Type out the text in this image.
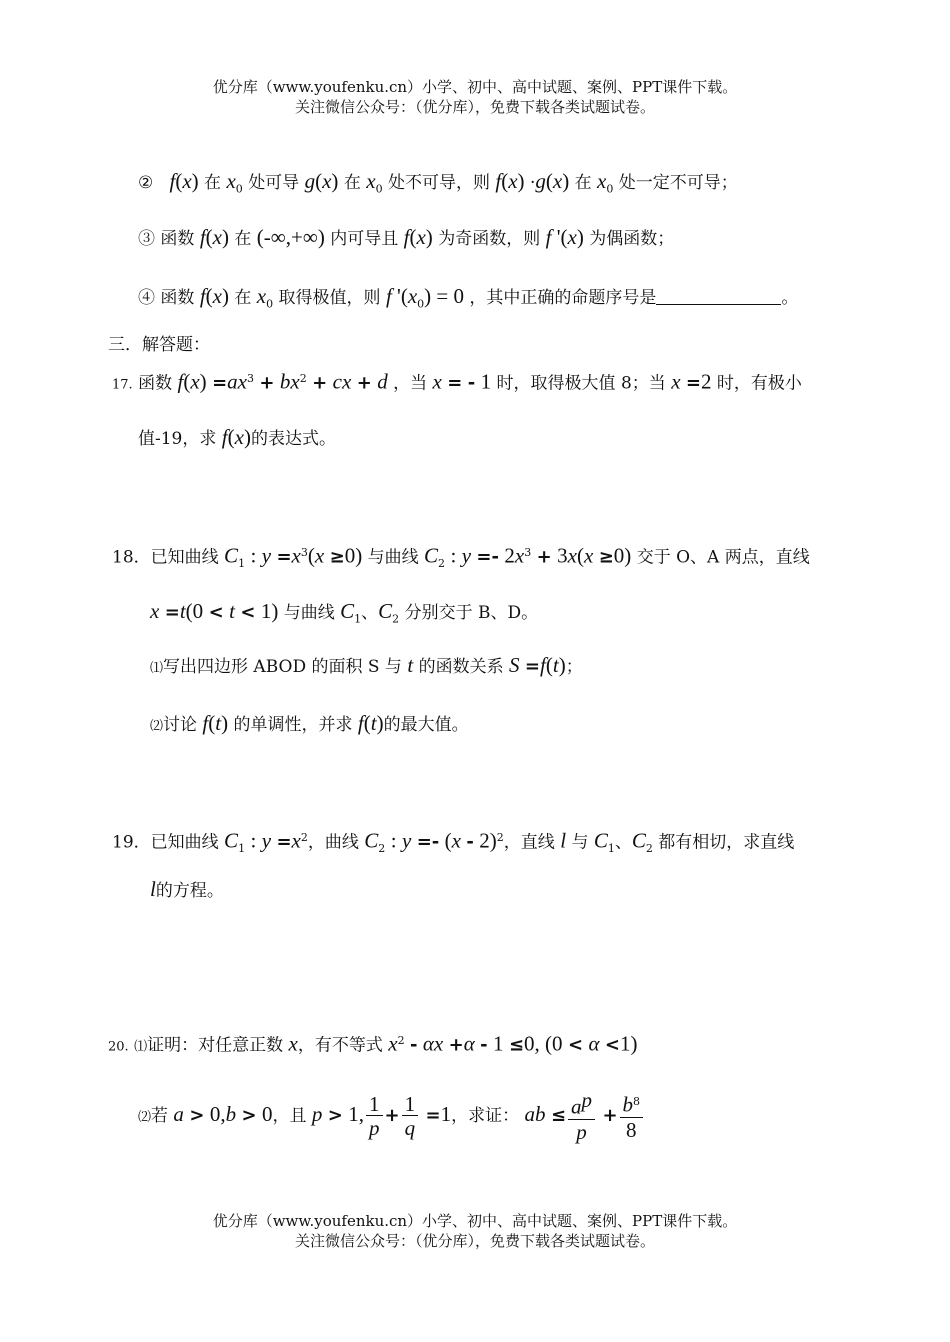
优分库（www.youfenku.cn）小学、初中、高中试题、案例、PPT课件下载。
关注微信公众号：（优分库），免费下载各类试题试卷。
② f(x) 在 $x_0$ 处可导 g(x) 在 $x_0$ 处不可导，则 f(x) ·g(x) 在 $x_0$ 处一定不可导；
③ 函数 f(x) 在 (-∞,+∞) 内可导且 f(x) 为奇函数，则 f '(x) 为偶函数；
④ 函数 f(x) 在 $x_0$ 取得极值，则 f '$(x_0) = 0$ ，其中正确的命题序号是	。
三．解答题：
17. 函数 $f(x) =ax^3 + bx^2$ + cx + d ，当 x = - 1 时，取得极大值 8；当 x =2 时，有极小
值-19，求 f(x)的表达式。
18．已知曲线 $C_1$ : $y =x^3(x \ge 0)$ 与曲线 $C_2$ : $y =- 2x^3 + 3x(x \ge 0)$ 交于 O、A 两点，直线
x =t(0 < t < 1) 与曲线 $C_1$、$C_2$ 分别交于 B、D。
⑴写出四边形 ABOD 的面积 S 与 t 的函数关系 S =f(t)；
⑵讨论 f(t) 的单调性，并求 f(t)的最大值。
19．已知曲线 $C_1$ : $y =x^2$，曲线 $C_2$ : y =- (x - 2)$^2$，直线 l 与 $C_1$、$C_2$ 都有相切，求直线
l的方程。
20. ⑴证明：对任意正数 x，有不等式 $x^2 - \alpha x +\alpha - 1 \le 0$, (0 < α <1)
⑵若 a > 0,b > 0，且 p > 1, $\frac{1}{p} + \frac{1}{q} =1$，求证： ab ≤ $\frac{a^p}{p} + \frac{b^8}{8}$
优分库（www.youfenku.cn）小学、初中、高中试题、案例、PPT课件下载。
关注微信公众号：（优分库），免费下载各类试题试卷。
